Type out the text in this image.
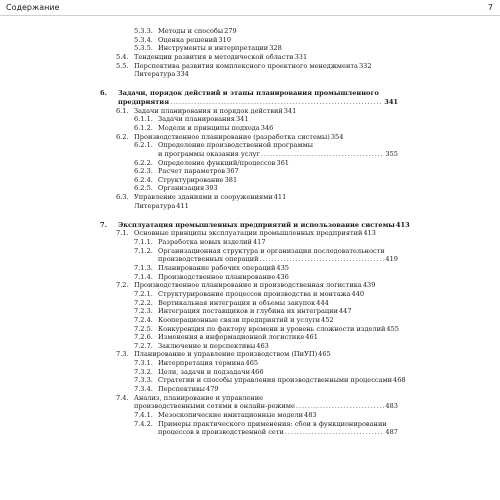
Содержание	7
5.3.3. Методы и способы 279
5.3.4. Оценка решений 310
5.3.5. Инструменты и интерпретации 328
5.4. Тенденции развития в методической области 331
5.5. Перспектива развития комплексного проектного менеджмента 332
Литература 334
6. Задачи, порядок действий и этапы планирования промышленного
предприятия . . .	341
6.1. Задачи планирования и порядок действий 341
6.1.1. Задачи планирования 341
6.1.2. Модели и принципы подхода 346
6.2. Производственное планирование (разработка системы) 354
6.2.1. Определение производственной программы
и программы оказания услуг . . .	355
6.2.2. Определение функций/процессов 361
6.2.3. Расчет параметров 367
6.2.4. Структурирование 381
6.2.5. Организация 393
6.3. Управление зданиями и сооружениями 411
Литература 411
7. Эксплуатация промышленных предприятий и использование системы 413
7.1. Основные принципы эксплуатации промышленных предприятий 413
7.1.1. Разработка новых изделий 417
7.1.2. Организационная структура и организация последовательности
производственных операций . . .	419
7.1.3. Планирование рабочих операций 435
7.1.4. Производственное планирование 436
7.2. Производственное планирование и производственная логистика 439
7.2.1. Структурирование процессов производства и монтажа 440
7.2.2. Вертикальная интеграция и объемы закупок 444
7.2.3. Интеграция поставщиков и глубина их интеграции 447
7.2.4. Кооперационные связи предприятий и услуги 452
7.2.5. Конкуренция по фактору времени и уровень сложности изделий 455
7.2.6. Изменения в информационной логистике 461
7.2.7. Заключение и перспективы 463
7.3. Планирование и управление производством (ПиУП) 465
7.3.1. Интерпретация термина 465
7.3.2. Цели, задачи и подзадачи 466
7.3.3. Стратегии и способы управления производственными процессами 468
7.3.4. Перспективы 479
7.4. Анализ, планирование и управление
производственными сетями в онлайн-режиме . . .	483
7.4.1. Мезоскопические имитационные модели 483
7.4.2. Примеры практического применения: сбои в функционировании
процессов в производственной сети . . .	487
